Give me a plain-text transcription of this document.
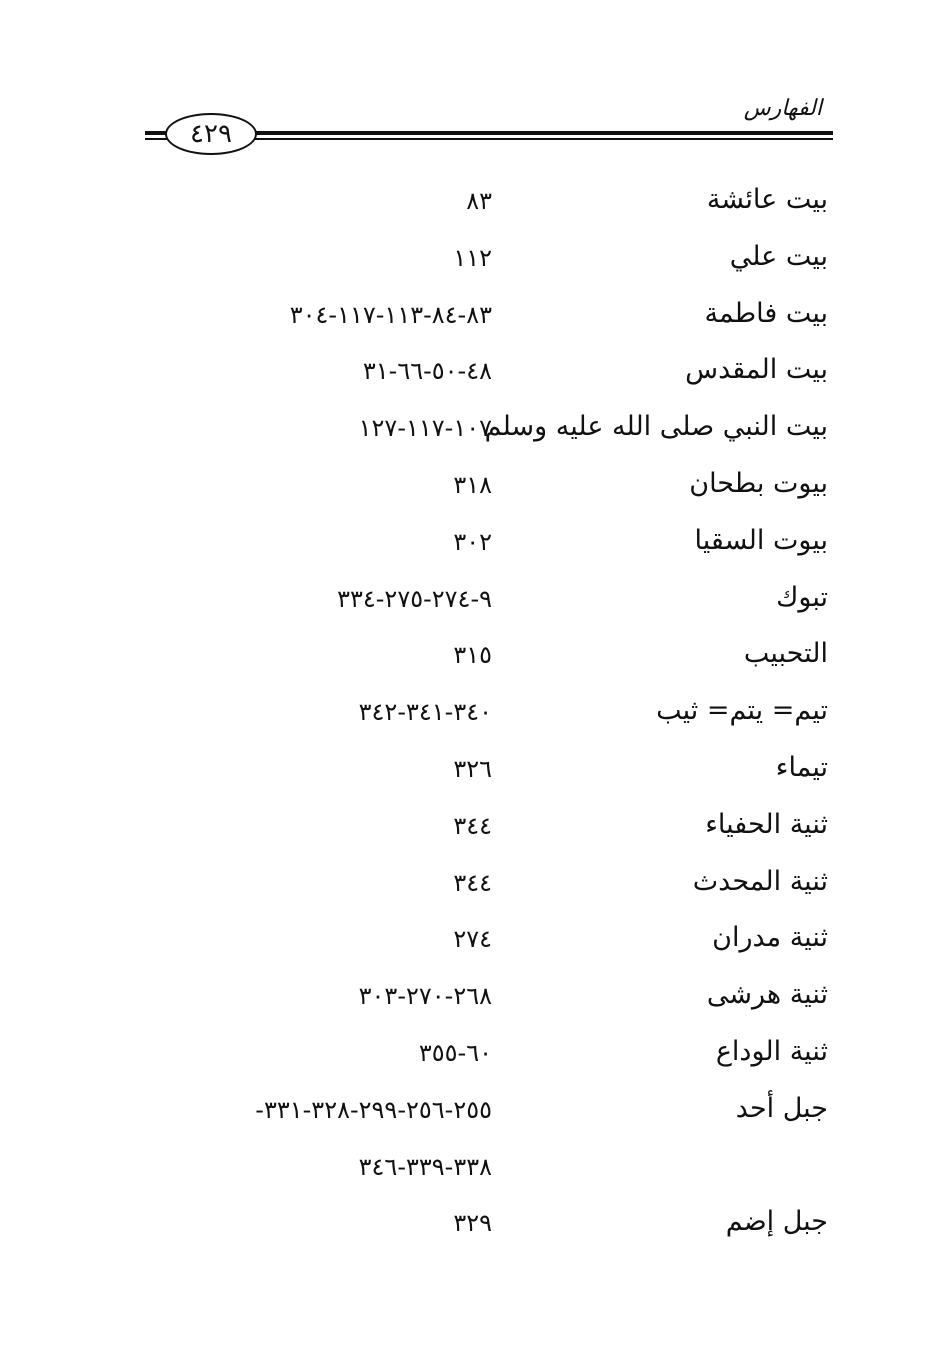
الفهارس
٤٢٩
بيت عائشة
٨٣
بيت علي
١١٢
بيت فاطمة
٨٣-٨٤-١١٣-١١٧-٣٠٤
بيت المقدس
٤٨-٥٠-٦٦-٣١
بيت النبي صلى الله عليه وسلم
١٠٧-١١٧-١٢٧
بيوت بطحان
٣١٨
بيوت السقيا
٣٠٢
تبوك
٩-٢٧٤-٢٧٥-٣٣٤
التحبيب
٣١٥
تيم= يتم= ثيب
٣٤٠-٣٤١-٣٤٢
تيماء
٣٢٦
ثنية الحفياء
٣٤٤
ثنية المحدث
٣٤٤
ثنية مدران
٢٧٤
ثنية هرشى
٢٦٨-٢٧٠-٣٠٣
ثنية الوداع
٦٠-٣٥٥
جبل أحد
-٢٥٥-٢٥٦-٢٩٩-٣٢٨-٣٣١
٣٣٨-٣٣٩-٣٤٦
جبل إضم
٣٢٩
